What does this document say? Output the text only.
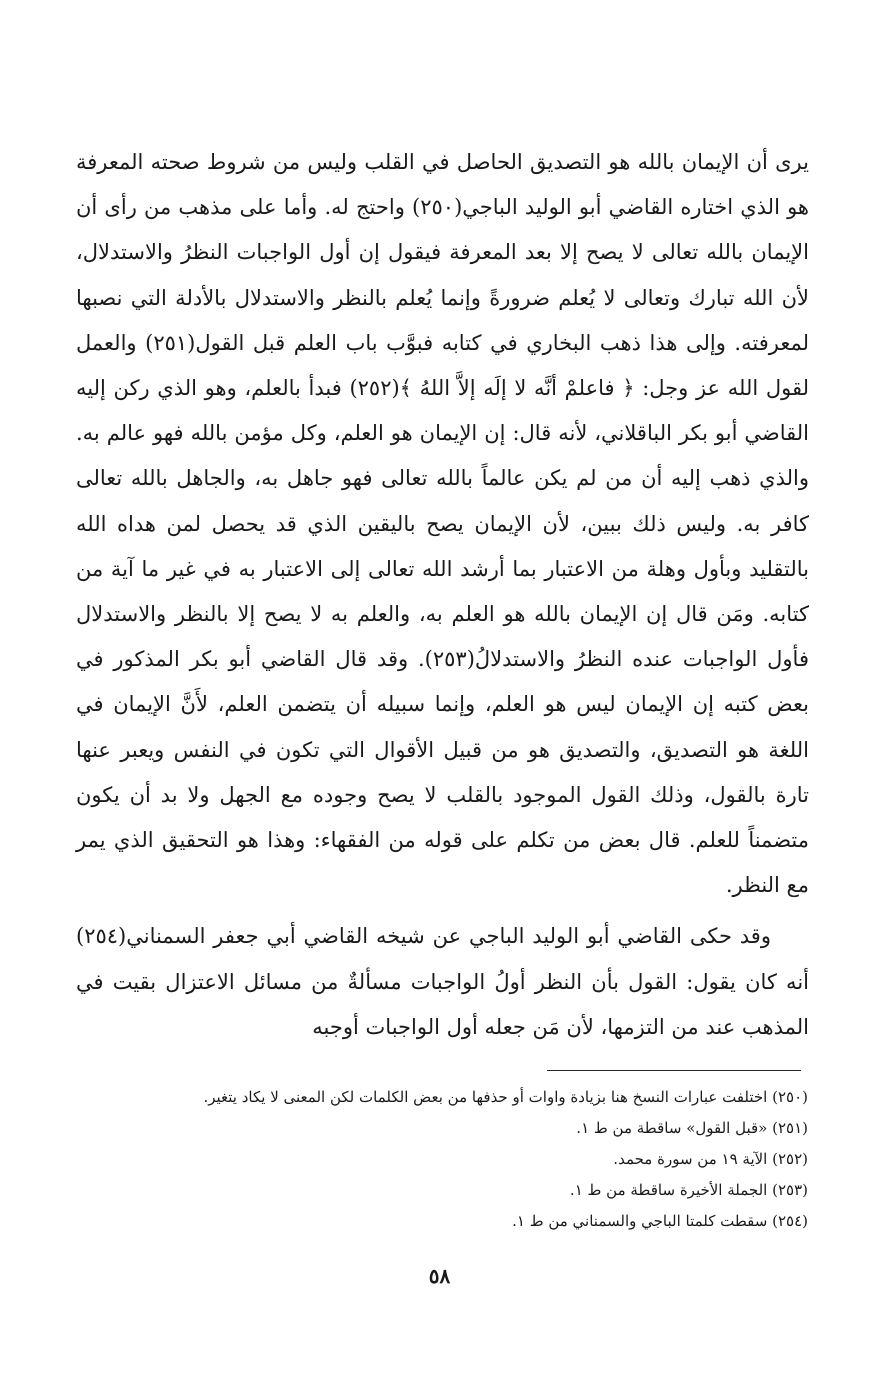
يرى أن الإيمان بالله هو التصديق الحاصل في القلب وليس من شروط صحته المعرفة هو الذي اختاره القاضي أبو الوليد الباجي(٢٥٠) واحتج له. وأما على مذهب من رأى أن الإيمان بالله تعالى لا يصح إلا بعد المعرفة فيقول إن أول الواجبات النظرُ والاستدلال، لأن الله تبارك وتعالى لا يُعلم ضرورةً وإنما يُعلم بالنظر والاستدلال بالأدلة التي نصبها لمعرفته. وإلى هذا ذهب البخاري في كتابه فبوَّب باب العلم قبل القول(٢٥١) والعمل لقول الله عز وجل: ﴿ فاعلمْ أنَّه لا إلَه إلاَّ اللهُ ﴾(٢٥٢) فبدأ بالعلم، وهو الذي ركن إليه القاضي أبو بكر الباقلاني، لأنه قال: إن الإيمان هو العلم، وكل مؤمن بالله فهو عالم به. والذي ذهب إليه أن من لم يكن عالماً بالله تعالى فهو جاهل به، والجاهل بالله تعالى كافر به. وليس ذلك ببين، لأن الإيمان يصح باليقين الذي قد يحصل لمن هداه الله بالتقليد وبأول وهلة من الاعتبار بما أرشد الله تعالى إلى الاعتبار به في غير ما آية من كتابه. ومَن قال إن الإيمان بالله هو العلم به، والعلم به لا يصح إلا بالنظر والاستدلال فأول الواجبات عنده النظرُ والاستدلالُ(٢٥٣). وقد قال القاضي أبو بكر المذكور في بعض كتبه إن الإيمان ليس هو العلم، وإنما سبيله أن يتضمن العلم، لأَنَّ الإيمان في اللغة هو التصديق، والتصديق هو من قبيل الأقوال التي تكون في النفس ويعبر عنها تارة بالقول، وذلك القول الموجود بالقلب لا يصح وجوده مع الجهل ولا بد أن يكون متضمناً للعلم. قال بعض من تكلم على قوله من الفقهاء: وهذا هو التحقيق الذي يمر مع النظر.

وقد حكى القاضي أبو الوليد الباجي عن شيخه القاضي أبي جعفر السمناني(٢٥٤) أنه كان يقول: القول بأن النظر أولُ الواجبات مسألةٌ من مسائل الاعتزال بقيت في المذهب عند من التزمها، لأن مَن جعله أول الواجبات أوجبه

(٢٥٠) اختلفت عبارات النسخ هنا بزيادة واوات أو حذفها من بعض الكلمات لكن المعنى لا يكاد يتغير.

(٢٥١) «قبل القول» ساقطة من ط ١.

(٢٥٢) الآية ١٩ من سورة محمد.

(٢٥٣) الجملة الأخيرة ساقطة من ط ١.

(٢٥٤) سقطت كلمتا الباجي والسمناني من ط ١.

٥٨
